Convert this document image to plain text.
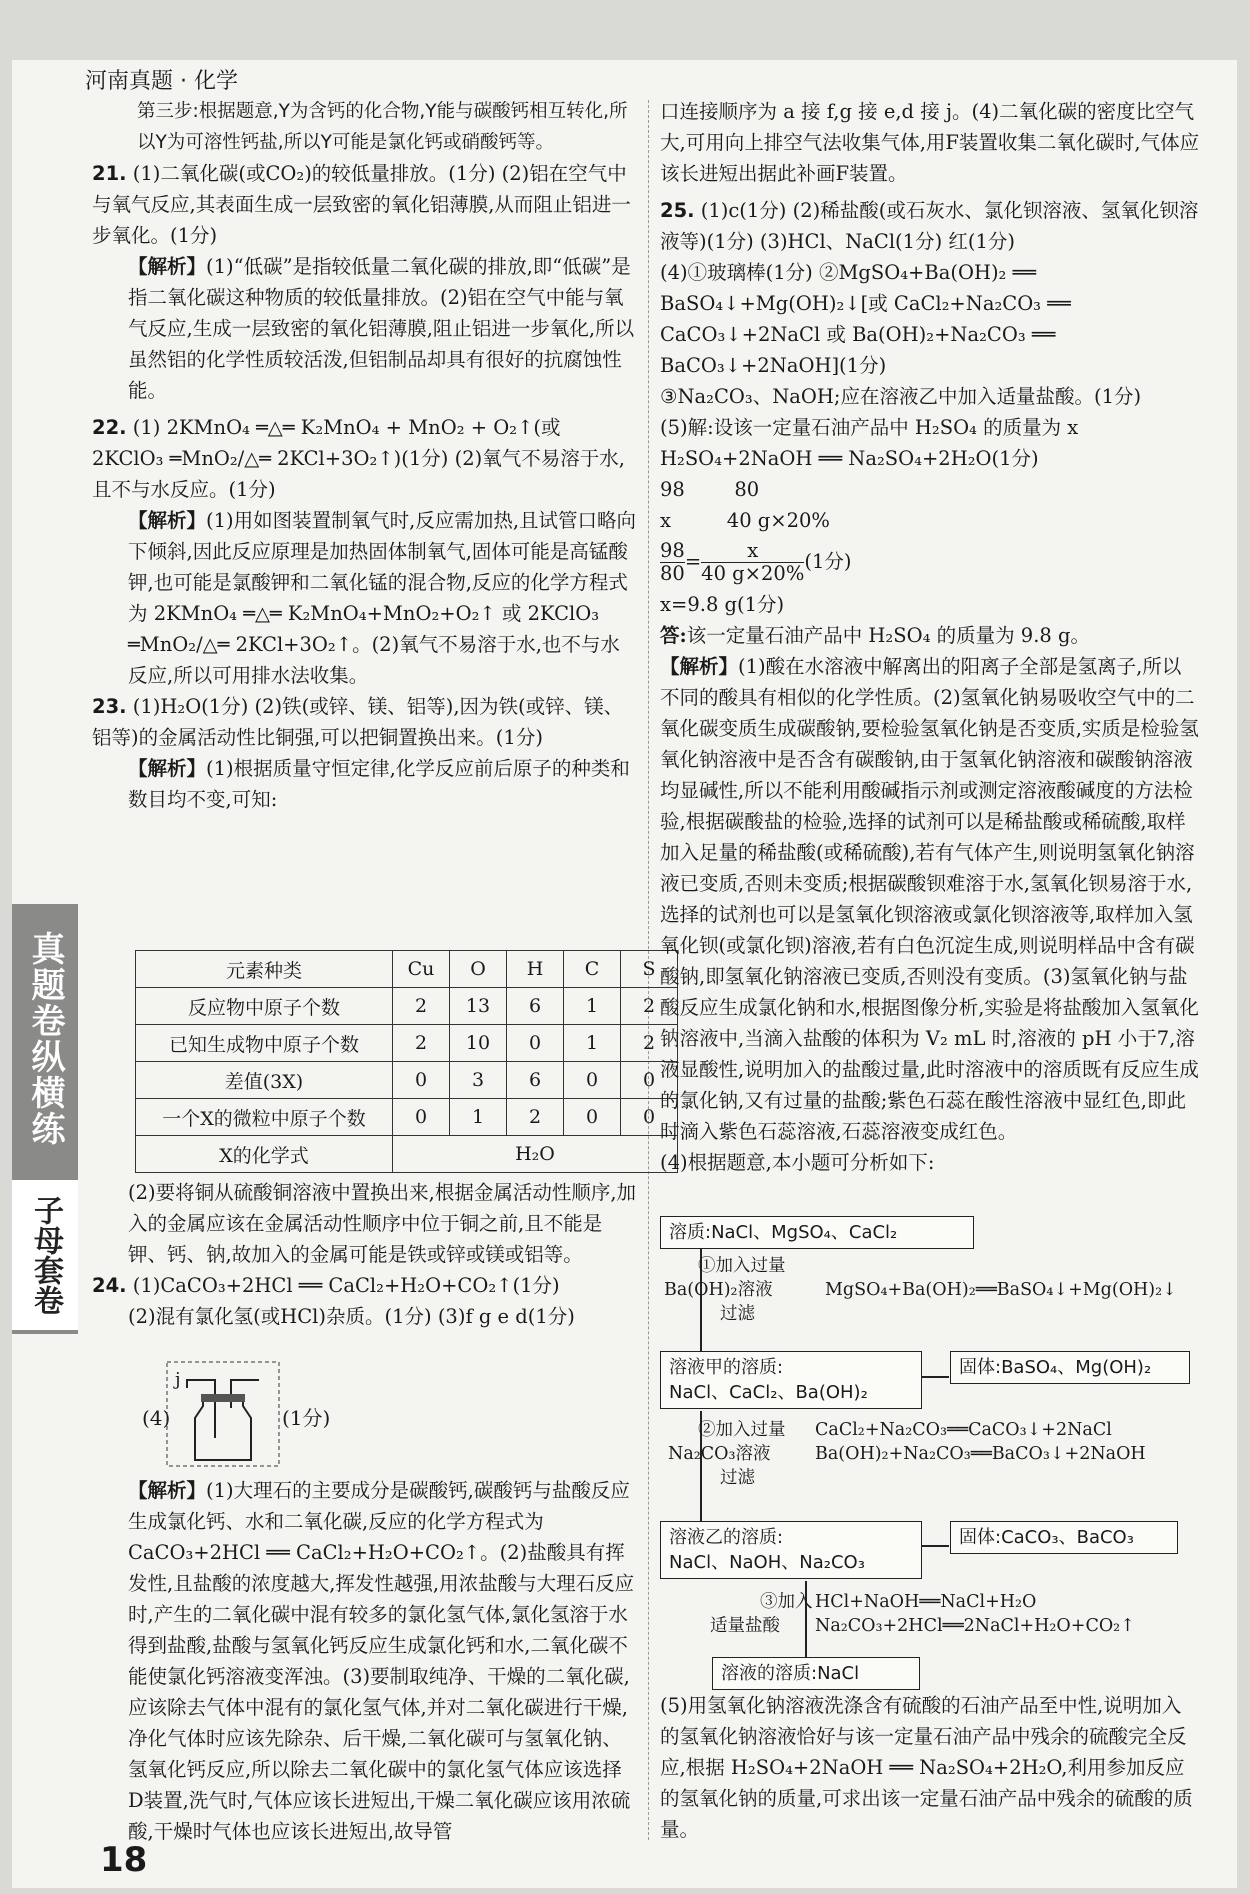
河南真题 · 化学
真题卷纵横练
子母套卷

第三步:根据题意,Y为含钙的化合物,Y能与碳酸钙相互转化,所以Y为可溶性钙盐,所以Y可能是氯化钙或硝酸钙等。

21. (1)二氧化碳(或CO₂)的较低量排放。(1分) (2)铝在空气中与氧气反应,其表面生成一层致密的氧化铝薄膜,从而阻止铝进一步氧化。(1分)

【解析】(1)“低碳”是指较低量二氧化碳的排放,即“低碳”是指二氧化碳这种物质的较低量排放。(2)铝在空气中能与氧气反应,生成一层致密的氧化铝薄膜,阻止铝进一步氧化,所以虽然铝的化学性质较活泼,但铝制品却具有很好的抗腐蚀性能。

22. (1) 2KMnO₄ ═△═ K₂MnO₄ + MnO₂ + O₂↑(或 2KClO₃ ═MnO₂/△═ 2KCl+3O₂↑)(1分) (2)氧气不易溶于水,且不与水反应。(1分)

【解析】(1)用如图装置制氧气时,反应需加热,且试管口略向下倾斜,因此反应原理是加热固体制氧气,固体可能是高锰酸钾,也可能是氯酸钾和二氧化锰的混合物,反应的化学方程式为 2KMnO₄ ═△═ K₂MnO₄+MnO₂+O₂↑ 或 2KClO₃ ═MnO₂/△═ 2KCl+3O₂↑。(2)氧气不易溶于水,也不与水反应,所以可用排水法收集。

23. (1)H₂O(1分) (2)铁(或锌、镁、铝等),因为铁(或锌、镁、铝等)的金属活动性比铜强,可以把铜置换出来。(1分)

【解析】(1)根据质量守恒定律,化学反应前后原子的种类和数目均不变,可知:

元素种类	Cu	O	H	C	S
反应物中原子个数	2	13	6	1	2
已知生成物中原子个数	2	10	0	1	2
差值(3X)	0	3	6	0	0
一个X的微粒中原子个数	0	1	2	0	0
X的化学式	H₂O				

(2)要将铜从硫酸铜溶液中置换出来,根据金属活动性顺序,加入的金属应该在金属活动性顺序中位于铜之前,且不能是钾、钙、钠,故加入的金属可能是铁或锌或镁或铝等。

24. (1)CaCO₃+2HCl ══ CaCl₂+H₂O+CO₂↑(1分)

(2)混有氯化氢(或HCl)杂质。(1分) (3)f g e d(1分)

(4)
j
(1分)

【解析】(1)大理石的主要成分是碳酸钙,碳酸钙与盐酸反应生成氯化钙、水和二氧化碳,反应的化学方程式为 CaCO₃+2HCl ══ CaCl₂+H₂O+CO₂↑。(2)盐酸具有挥发性,且盐酸的浓度越大,挥发性越强,用浓盐酸与大理石反应时,产生的二氧化碳中混有较多的氯化氢气体,氯化氢溶于水得到盐酸,盐酸与氢氧化钙反应生成氯化钙和水,二氧化碳不能使氯化钙溶液变浑浊。(3)要制取纯净、干燥的二氧化碳,应该除去气体中混有的氯化氢气体,并对二氧化碳进行干燥,净化气体时应该先除杂、后干燥,二氧化碳可与氢氧化钠、氢氧化钙反应,所以除去二氧化碳中的氯化氢气体应该选择D装置,洗气时,气体应该长进短出,干燥二氧化碳应该用浓硫酸,干燥时气体也应该长进短出,故导管

口连接顺序为 a 接 f,g 接 e,d 接 j。(4)二氧化碳的密度比空气大,可用向上排空气法收集气体,用F装置收集二氧化碳时,气体应该长进短出据此补画F装置。

25. (1)c(1分) (2)稀盐酸(或石灰水、氯化钡溶液、氢氧化钡溶液等)(1分) (3)HCl、NaCl(1分) 红(1分)

(4)①玻璃棒(1分) ②MgSO₄+Ba(OH)₂ ══ BaSO₄↓+Mg(OH)₂↓[或 CaCl₂+Na₂CO₃ ══ CaCO₃↓+2NaCl 或 Ba(OH)₂+Na₂CO₃ ══ BaCO₃↓+2NaOH](1分)

③Na₂CO₃、NaOH;应在溶液乙中加入适量盐酸。(1分)

(5)解:设该一定量石油产品中 H₂SO₄ 的质量为 x

H₂SO₄+2NaOH ══ Na₂SO₄+2H₂O(1分)

98        80

x         40 g×20%

$\frac{98}{80} = \frac{x}{40 g\times 20\%} (1$分)

x=9.8 g(1分)

答:该一定量石油产品中 H₂SO₄ 的质量为 9.8 g。

【解析】(1)酸在水溶液中解离出的阳离子全部是氢离子,所以不同的酸具有相似的化学性质。(2)氢氧化钠易吸收空气中的二氧化碳变质生成碳酸钠,要检验氢氧化钠是否变质,实质是检验氢氧化钠溶液中是否含有碳酸钠,由于氢氧化钠溶液和碳酸钠溶液均显碱性,所以不能利用酸碱指示剂或测定溶液酸碱度的方法检验,根据碳酸盐的检验,选择的试剂可以是稀盐酸或稀硫酸,取样加入足量的稀盐酸(或稀硫酸),若有气体产生,则说明氢氧化钠溶液已变质,否则未变质;根据碳酸钡难溶于水,氢氧化钡易溶于水,选择的试剂也可以是氢氧化钡溶液或氯化钡溶液等,取样加入氢氧化钡(或氯化钡)溶液,若有白色沉淀生成,则说明样品中含有碳酸钠,即氢氧化钠溶液已变质,否则没有变质。(3)氢氧化钠与盐酸反应生成氯化钠和水,根据图像分析,实验是将盐酸加入氢氧化钠溶液中,当滴入盐酸的体积为 V₂ mL 时,溶液的 pH 小于7,溶液显酸性,说明加入的盐酸过量,此时溶液中的溶质既有反应生成的氯化钠,又有过量的盐酸;紫色石蕊在酸性溶液中显红色,即此时滴入紫色石蕊溶液,石蕊溶液变成红色。

(4)根据题意,本小题可分析如下:

溶质:NaCl、MgSO₄、CaCl₂
①加入过量
Ba(OH)₂溶液
过滤
MgSO₄+Ba(OH)₂══BaSO₄↓+Mg(OH)₂↓
溶液甲的溶质:
NaCl、CaCl₂、Ba(OH)₂
固体:BaSO₄、Mg(OH)₂
②加入过量
Na₂CO₃溶液
过滤
CaCl₂+Na₂CO₃══CaCO₃↓+2NaCl
Ba(OH)₂+Na₂CO₃══BaCO₃↓+2NaOH
溶液乙的溶质:
NaCl、NaOH、Na₂CO₃
固体:CaCO₃、BaCO₃
③加入
适量盐酸
HCl+NaOH══NaCl+H₂O
Na₂CO₃+2HCl══2NaCl+H₂O+CO₂↑
溶液的溶质:NaCl

(5)用氢氧化钠溶液洗涤含有硫酸的石油产品至中性,说明加入的氢氧化钠溶液恰好与该一定量石油产品中残余的硫酸完全反应,根据 H₂SO₄+2NaOH ══ Na₂SO₄+2H₂O,利用参加反应的氢氧化钠的质量,可求出该一定量石油产品中残余的硫酸的质量。

18
